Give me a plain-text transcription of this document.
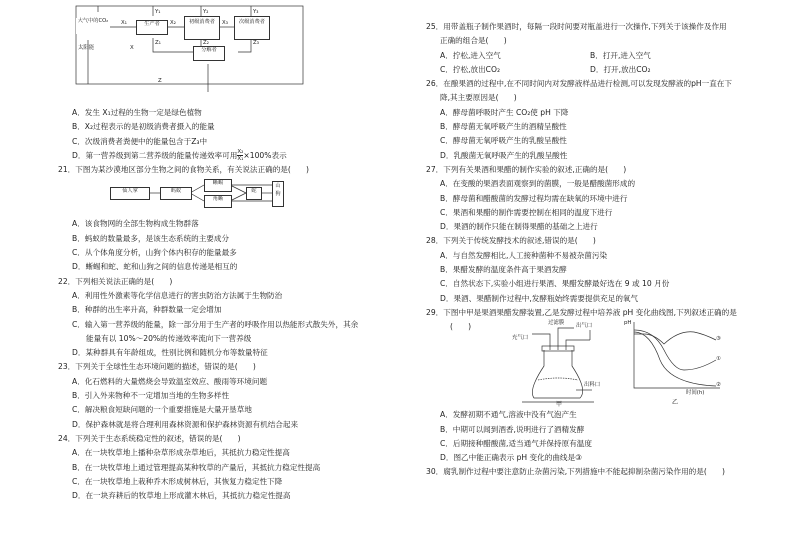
大气中的CO₂
太阳能
生产者	初级消费者	次级消费者
分解者
Y₁	Y₂	Y₃
X₁	X₂	X₃
Z₁	Z₂	Z₃
X
Z
A．发生 X₁过程的生物一定是绿色植物
B．X₂过程表示的是初级消费者摄入的能量
C．次级消费者粪便中的能量包含于Z₃中
D．第一营养级到第二营养级的能量传递效率可用 $\frac{\text{X₂}}{\text{X₁}} \times 100\%$表示
21．下图为某沙漠地区部分生物之间的食物关系，有关说法正确的是(　　)
仙人掌	蚂蚁
蜥蜴
角蜥
蛇
山狗
A．该食物网的全部生物构成生物群落
B．蚂蚁的数量最多，是该生态系统的主要成分
C．从个体角度分析，山狗个体内积存的能量最多
D．蜥蜴和蛇、蛇和山狗之间的信息传递是相互的
22．下列相关说法正确的是(　　)
A．利用性外激素等化学信息进行的害虫防治方法属于生物防治
B．种群的出生率升高，种群数量一定会增加
C．输入第一营养级的能量，除一部分用于生产者的呼吸作用以热能形式散失外，其余
能量有以 10%～20%的传递效率流向下一营养级
D．某种群具有年龄组成，性别比例和随机分布等数量特征
23．下列关于全球性生态环境问题的描述，错误的是(　　)
A．化石燃料的大量燃烧会导致温室效应、酸雨等环境问题
B．引入外来物种不一定增加当地的生物多样性
C．解决粮食短缺问题的一个重要措施是大量开垦草地
D．保护森林就是将合理利用森林资源和保护森林资源有机结合起来
24．下列关于生态系统稳定性的叙述，错误的是(　　)
A．在一块牧草地上播种杂草形成杂草地后，其抵抗力稳定性提高
B．在一块牧草地上通过管理提高某种牧草的产量后，其抵抗力稳定性提高
C．在一块牧草地上栽种乔木形成树林后，其恢复力稳定性下降
D．在一块弃耕后的牧草地上形成灌木林后，其抵抗力稳定性提高
25．用带盖瓶子制作果酒时，每隔一段时间要对瓶盖进行一次操作,下列关于该操作及作用
正确的组合是(　　)
A．拧松,进入空气	B．打开,进入空气
C．拧松,放出CO₂	D．打开,放出CO₂
26．在酿果酒的过程中,在不同时间内对发酵液样品进行检测,可以发现发酵液的pH一直在下
降,其主要原因是(　　)
A．酵母菌呼吸时产生 CO₂使 pH 下降
B．酵母菌无氧呼吸产生的酒精呈酸性
C．酵母菌无氧呼吸产生的乳酸呈酸性
D．乳酸菌无氧呼吸产生的乳酸呈酸性
27．下列有关果酒和果醋的制作实验的叙述,正确的是(　　)
A．在变酸的果酒表面观察到的菌膜，一般是醋酸菌形成的
B．酵母菌和醋酸菌的发酵过程均需在缺氧的环境中进行
C．果酒和果醋的制作需要控制在相同的温度下进行
D．果酒的制作只能在制得果醋的基础之上进行
28．下列关于传统发酵技术的叙述,错误的是(　　)
A．与自然发酵相比,人工接种菌种不易被杂菌污染
B．果醋发酵的温度条件高于果酒发酵
C．自然状态下,实验小组进行果酒、果醋发酵最好选在 9 或 10 月份
D．果酒、果醋制作过程中,发酵瓶始终需要提供充足的氧气
29．下图中甲是果酒果醋发酵装置,乙是发酵过程中培养液 pH 变化曲线图,下列叙述正确的是
(　　)	过滤膜
充气口
出气口
出料口
甲
pH
①
②
③
时间(h)
乙
A．发酵初期不通气,溶液中没有气泡产生
B．中期可以闻到酒香,说明进行了酒精发酵
C．后期接种醋酸菌,适当通气并保持原有温度
D．图乙中能正确表示 pH 变化的曲线是③
30．腐乳制作过程中要注意防止杂菌污染,下列措施中不能起抑制杂菌污染作用的是(　　)
